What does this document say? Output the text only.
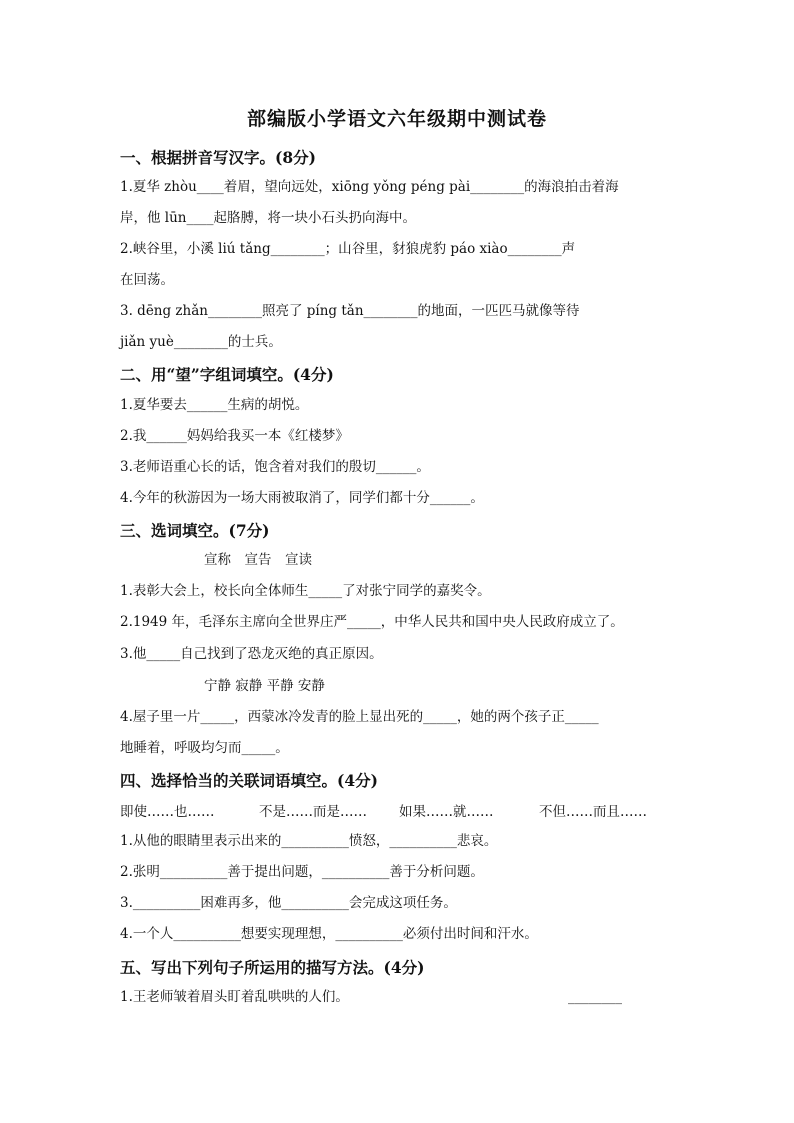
部编版小学语文六年级期中测试卷
一、根据拼音写汉字。(8分)
1.夏华 zhòu____着眉，望向远处，xiōng yǒng péng pài________的海浪拍击着海
岸，他 lūn____起胳膊，将一块小石头扔向海中。
2.峡谷里，小溪 liú tǎng________；山谷里，豺狼虎豹 páo xiào________声
在回荡。
3. dēng zhǎn________照亮了 píng tǎn________的地面，一匹匹马就像等待
jiǎn yuè________的士兵。
二、用“望”字组词填空。(4分)
1.夏华要去______生病的胡悦。
2.我______妈妈给我买一本《红楼梦》
3.老师语重心长的话，饱含着对我们的殷切______。
4.今年的秋游因为一场大雨被取消了，同学们都十分______。
三、选词填空。(7分)
宣称　宣告　宣读
1.表彰大会上，校长向全体师生_____了对张宁同学的嘉奖令。
2.1949 年，毛泽东主席向全世界庄严_____，中华人民共和国中央人民政府成立了。
3.他_____自己找到了恐龙灭绝的真正原因。
宁静 寂静 平静 安静
4.屋子里一片_____，西蒙冰冷发青的脸上显出死的_____，她的两个孩子正_____
地睡着，呼吸均匀而_____。
四、选择恰当的关联词语填空。(4分)
即使……也……	不是……而是…… 如果……就……	不但……而且……
1.从他的眼睛里表示出来的__________愤怒，__________悲哀。
2.张明__________善于提出问题，__________善于分析问题。
3.__________困难再多，他__________会完成这项任务。
4.一个人__________想要实现理想，__________必须付出时间和汗水。
五、写出下列句子所运用的描写方法。(4分)
1.王老师皱着眉头盯着乱哄哄的人们。	________
